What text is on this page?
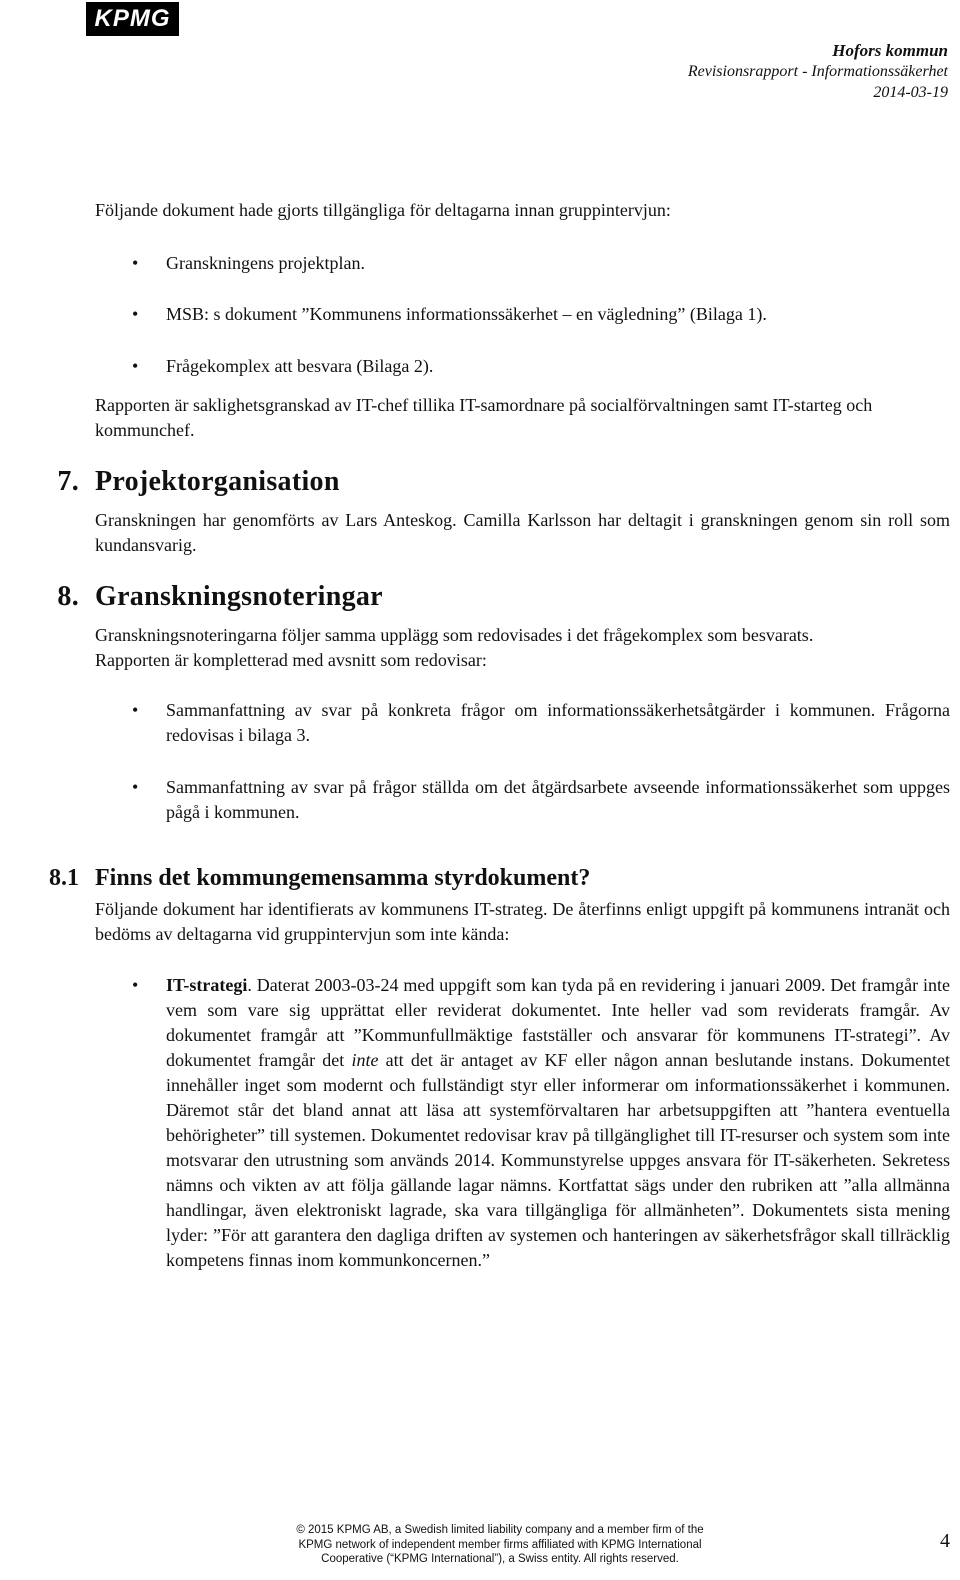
KPMG
Hofors kommun
Revisionsrapport - Informationssäkerhet
2014-03-19

Följande dokument hade gjorts tillgängliga för deltagarna innan gruppintervjun:

• Granskningens projektplan.

• MSB: s dokument ”Kommunens informationssäkerhet – en vägledning” (Bilaga 1).

• Frågekomplex att besvara (Bilaga 2).

Rapporten är saklighetsgranskad av IT-chef tillika IT-samordnare på socialförvaltningen samt IT-starteg och kommunchef.

7. Projektorganisation

Granskningen har genomförts av Lars Anteskog. Camilla Karlsson har deltagit i granskningen genom sin roll som kundansvarig.

8. Granskningsnoteringar

Granskningsnoteringarna följer samma upplägg som redovisades i det frågekomplex som besvarats.

Rapporten är kompletterad med avsnitt som redovisar:

• Sammanfattning av svar på konkreta frågor om informationssäkerhetsåtgärder i kommunen. Frågorna redovisas i bilaga 3.

• Sammanfattning av svar på frågor ställda om det åtgärdsarbete avseende informationssäkerhet som uppges pågå i kommunen.

8.1 Finns det kommungemensamma styrdokument?

Följande dokument har identifierats av kommunens IT-strateg. De återfinns enligt uppgift på kommunens intranät och bedöms av deltagarna vid gruppintervjun som inte kända:

• IT-strategi. Daterat 2003-03-24 med uppgift som kan tyda på en revidering i januari 2009. Det framgår inte vem som vare sig upprättat eller reviderat dokumentet. Inte heller vad som reviderats framgår. Av dokumentet framgår att ”Kommunfullmäktige fastställer och ansvarar för kommunens IT-strategi”. Av dokumentet framgår det inte att det är antaget av KF eller någon annan beslutande instans. Dokumentet innehåller inget som modernt och fullständigt styr eller informerar om informationssäkerhet i kommunen. Däremot står det bland annat att läsa att systemförvaltaren har arbetsuppgiften att ”hantera eventuella behörigheter” till systemen. Dokumentet redovisar krav på tillgänglighet till IT-resurser och system som inte motsvarar den utrustning som används 2014. Kommunstyrelse uppges ansvara för IT-säkerheten. Sekretess nämns och vikten av att följa gällande lagar nämns. Kortfattat sägs under den rubriken att ”alla allmänna handlingar, även elektroniskt lagrade, ska vara tillgängliga för allmänheten”. Dokumentets sista mening lyder: ”För att garantera den dagliga driften av systemen och hanteringen av säkerhetsfrågor skall tillräcklig kompetens finnas inom kommunkoncernen.”

© 2015 KPMG AB, a Swedish limited liability company and a member firm of the
KPMG network of independent member firms affiliated with KPMG International
Cooperative (“KPMG International”), a Swiss entity. All rights reserved.
4
